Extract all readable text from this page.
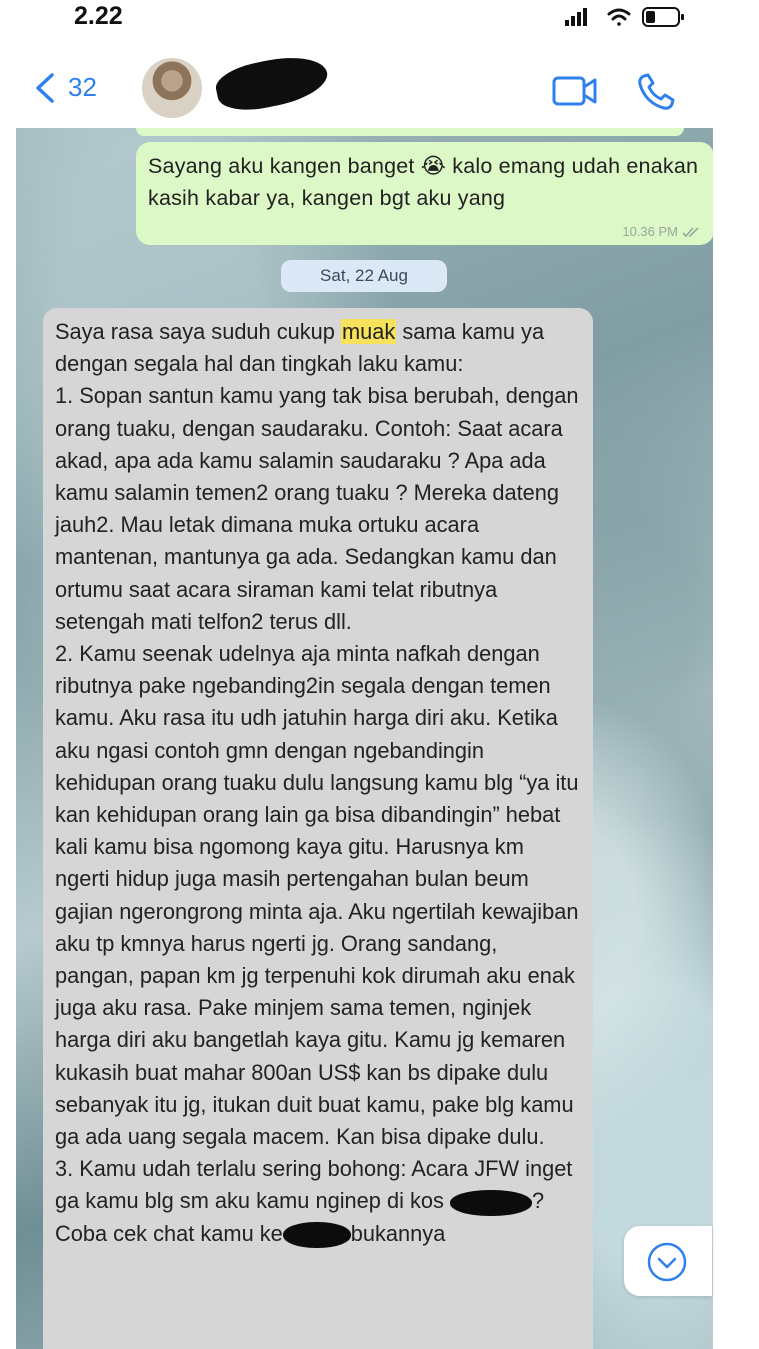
2.22
32
Sayang aku kangen banget 😭 kalo emang udah enakan kasih kabar ya, kangen bgt aku yang
10.36 PM
Sat, 22 Aug
Saya rasa saya suduh cukup muak sama kamu ya dengan segala hal dan tingkah laku kamu:
1. Sopan santun kamu yang tak bisa berubah, dengan orang tuaku, dengan saudaraku. Contoh: Saat acara akad, apa ada kamu salamin saudaraku ? Apa ada kamu salamin temen2 orang tuaku ? Mereka dateng jauh2. Mau letak dimana muka ortuku acara mantenan, mantunya ga ada. Sedangkan kamu dan ortumu saat acara siraman kami telat ributnya setengah mati telfon2 terus dll.
2. Kamu seenak udelnya aja minta nafkah dengan ributnya pake ngebanding2in segala dengan temen kamu. Aku rasa itu udh jatuhin harga diri aku. Ketika aku ngasi contoh gmn dengan ngebandingin kehidupan orang tuaku dulu langsung kamu blg “ya itu kan kehidupan orang lain ga bisa dibandingin” hebat kali kamu bisa ngomong kaya gitu. Harusnya km ngerti hidup juga masih pertengahan bulan beum gajian ngerongrong minta aja. Aku ngertilah kewajiban aku tp kmnya harus ngerti jg. Orang sandang, pangan, papan km jg terpenuhi kok dirumah aku enak juga aku rasa. Pake minjem sama temen, nginjek harga diri aku bangetlah kaya gitu. Kamu jg kemaren kukasih buat mahar 800an US$ kan bs dipake dulu sebanyak itu jg, itukan duit buat kamu, pake blg kamu ga ada uang segala macem. Kan bisa dipake dulu.
3. Kamu udah terlalu sering bohong: Acara JFW inget ga kamu blg sm aku kamu nginep di kos	? Coba cek chat kamu ke	bukannya
